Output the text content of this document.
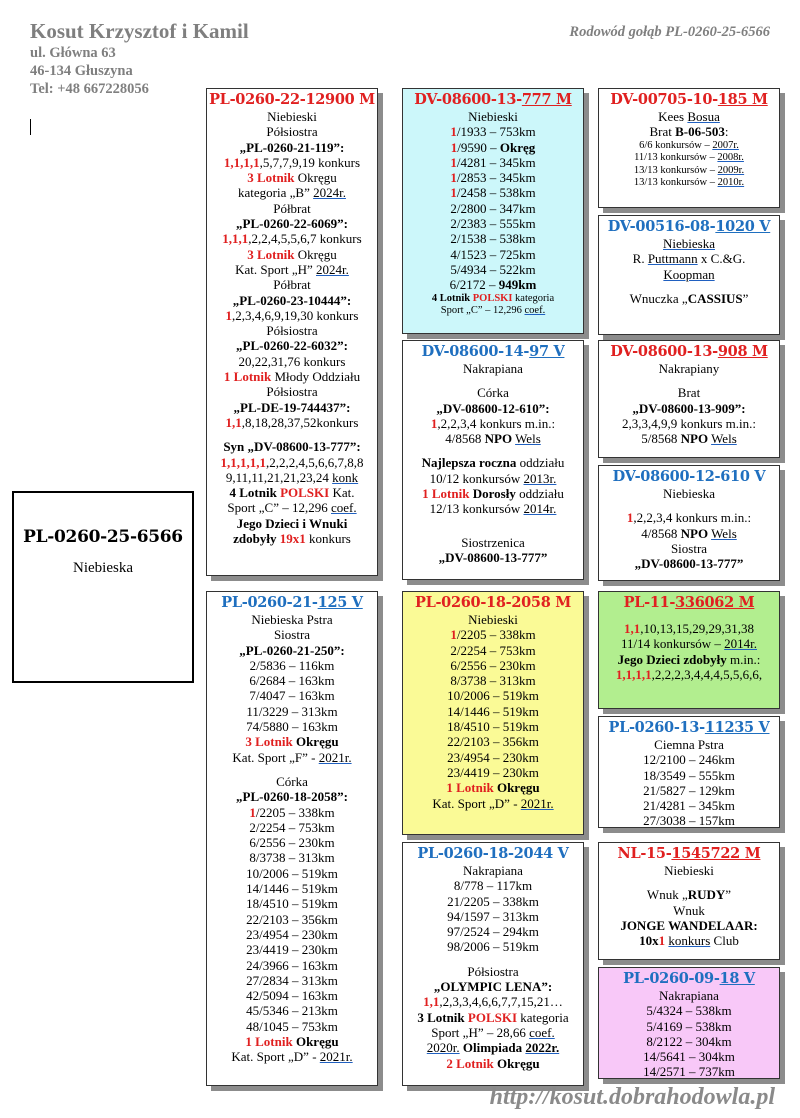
Kosut Krzysztof i Kamil
ul. Główna 63
46-134 Głuszyna
Tel: +48 667228056
Rodowód gołąb PL-0260-25-6566
PL-0260-25-6566
Niebieska
PL-0260-22-12900 M
Niebieski
Półsiostra
„PL-0260-21-119”:
1,1,1,1,5,7,7,9,19 konkurs
3 Lotnik Okręgu
kategoria „B” 2024r.
Półbrat
„PL-0260-22-6069”:
1,1,1,2,2,4,5,5,6,7 konkurs
3 Lotnik Okręgu
Kat. Sport „H” 2024r.
Półbrat
„PL-0260-23-10444”:
1,2,3,4,6,9,19,30 konkurs
Półsiostra
„PL-0260-22-6032”:
20,22,31,76 konkurs
1 Lotnik Młody Oddziału
Półsiostra
„PL-DE-19-744437”:
1,1,8,18,28,37,52konkurs
Syn „DV-08600-13-777”:
1,1,1,1,1,2,2,2,4,5,6,6,7,8,8
9,11,11,21,21,23,24 konk
4 Lotnik POLSKI Kat.
Sport „C” – 12,296 coef.
Jego Dzieci i Wnuki
zdobyły 19x1 konkurs
PL-0260-21-125 V
Niebieska Pstra
Siostra
„PL-0260-21-250”:
2/5836 – 116km
6/2684 – 163km
7/4047 – 163km
11/3229 – 313km
74/5880 – 163km
3 Lotnik Okręgu
Kat. Sport „F” - 2021r.
Córka
„PL-0260-18-2058”:
1/2205 – 338km
2/2254 – 753km
6/2556 – 230km
8/3738 – 313km
10/2006 – 519km
14/1446 – 519km
18/4510 – 519km
22/2103 – 356km
23/4954 – 230km
23/4419 – 230km
24/3966 – 163km
27/2834 – 313km
42/5094 – 163km
45/5346 – 213km
48/1045 – 753km
1 Lotnik Okręgu
Kat. Sport „D” - 2021r.
DV-08600-13-777 M
Niebieski
1/1933 – 753km
1/9590 – Okręg
1/4281 – 345km
1/2853 – 345km
1/2458 – 538km
2/2800 – 347km
2/2383 – 555km
2/1538 – 538km
4/1523 – 725km
5/4934 – 522km
6/2172 – 949km
4 Lotnik POLSKI kategoria
Sport „C” – 12,296 coef.
DV-08600-14-97 V
Nakrapiana
Córka
„DV-08600-12-610”:
1,2,2,3,4 konkurs m.in.:
4/8568 NPO Wels
Najlepsza roczna oddziału
10/12 konkursów 2013r.
1 Lotnik Dorosły oddziału
12/13 konkursów 2014r.
Siostrzenica
„DV-08600-13-777”
PL-0260-18-2058 M
Niebieski
1/2205 – 338km
2/2254 – 753km
6/2556 – 230km
8/3738 – 313km
10/2006 – 519km
14/1446 – 519km
18/4510 – 519km
22/2103 – 356km
23/4954 – 230km
23/4419 – 230km
1 Lotnik Okręgu
Kat. Sport „D” - 2021r.
PL-0260-18-2044 V
Nakrapiana
8/778 – 117km
21/2205 – 338km
94/1597 – 313km
97/2524 – 294km
98/2006 – 519km
Półsiostra
„OLYMPIC LENA”:
1,1,2,3,3,4,6,6,7,7,15,21…
3 Lotnik POLSKI kategoria
Sport „H” – 28,66 coef.
2020r. Olimpiada 2022r.
2 Lotnik Okręgu
DV-00705-10-185 M
Kees Bosua
Brat B-06-503:
6/6 konkursów – 2007r.
11/13 konkursów – 2008r.
13/13 konkursów – 2009r.
13/13 konkursów – 2010r.
DV-00516-08-1020 V
Niebieska
R. Puttmann x C.&G.
Koopman
Wnuczka „CASSIUS”
DV-08600-13-908 M
Nakrapiany
Brat
„DV-08600-13-909”:
2,3,3,4,9,9 konkurs m.in.:
5/8568 NPO Wels
DV-08600-12-610 V
Niebieska
1,2,2,3,4 konkurs m.in.:
4/8568 NPO Wels
Siostra
„DV-08600-13-777”
PL-11-336062 M
1,1,10,13,15,29,29,31,38
11/14 konkursów – 2014r.
Jego Dzieci zdobyły m.in.:
1,1,1,1,2,2,2,3,4,4,4,5,5,6,6,
PL-0260-13-11235 V
Ciemna Pstra
12/2100 – 246km
18/3549 – 555km
21/5827 – 129km
21/4281 – 345km
27/3038 – 157km
NL-15-1545722 M
Niebieski
Wnuk „RUDY”
Wnuk
JONGE WANDELAAR:
10x1 konkurs Club
PL-0260-09-18 V
Nakrapiana
5/4324 – 538km
5/4169 – 538km
8/2122 – 304km
14/5641 – 304km
14/2571 – 737km
http://kosut.dobrahodowla.pl
